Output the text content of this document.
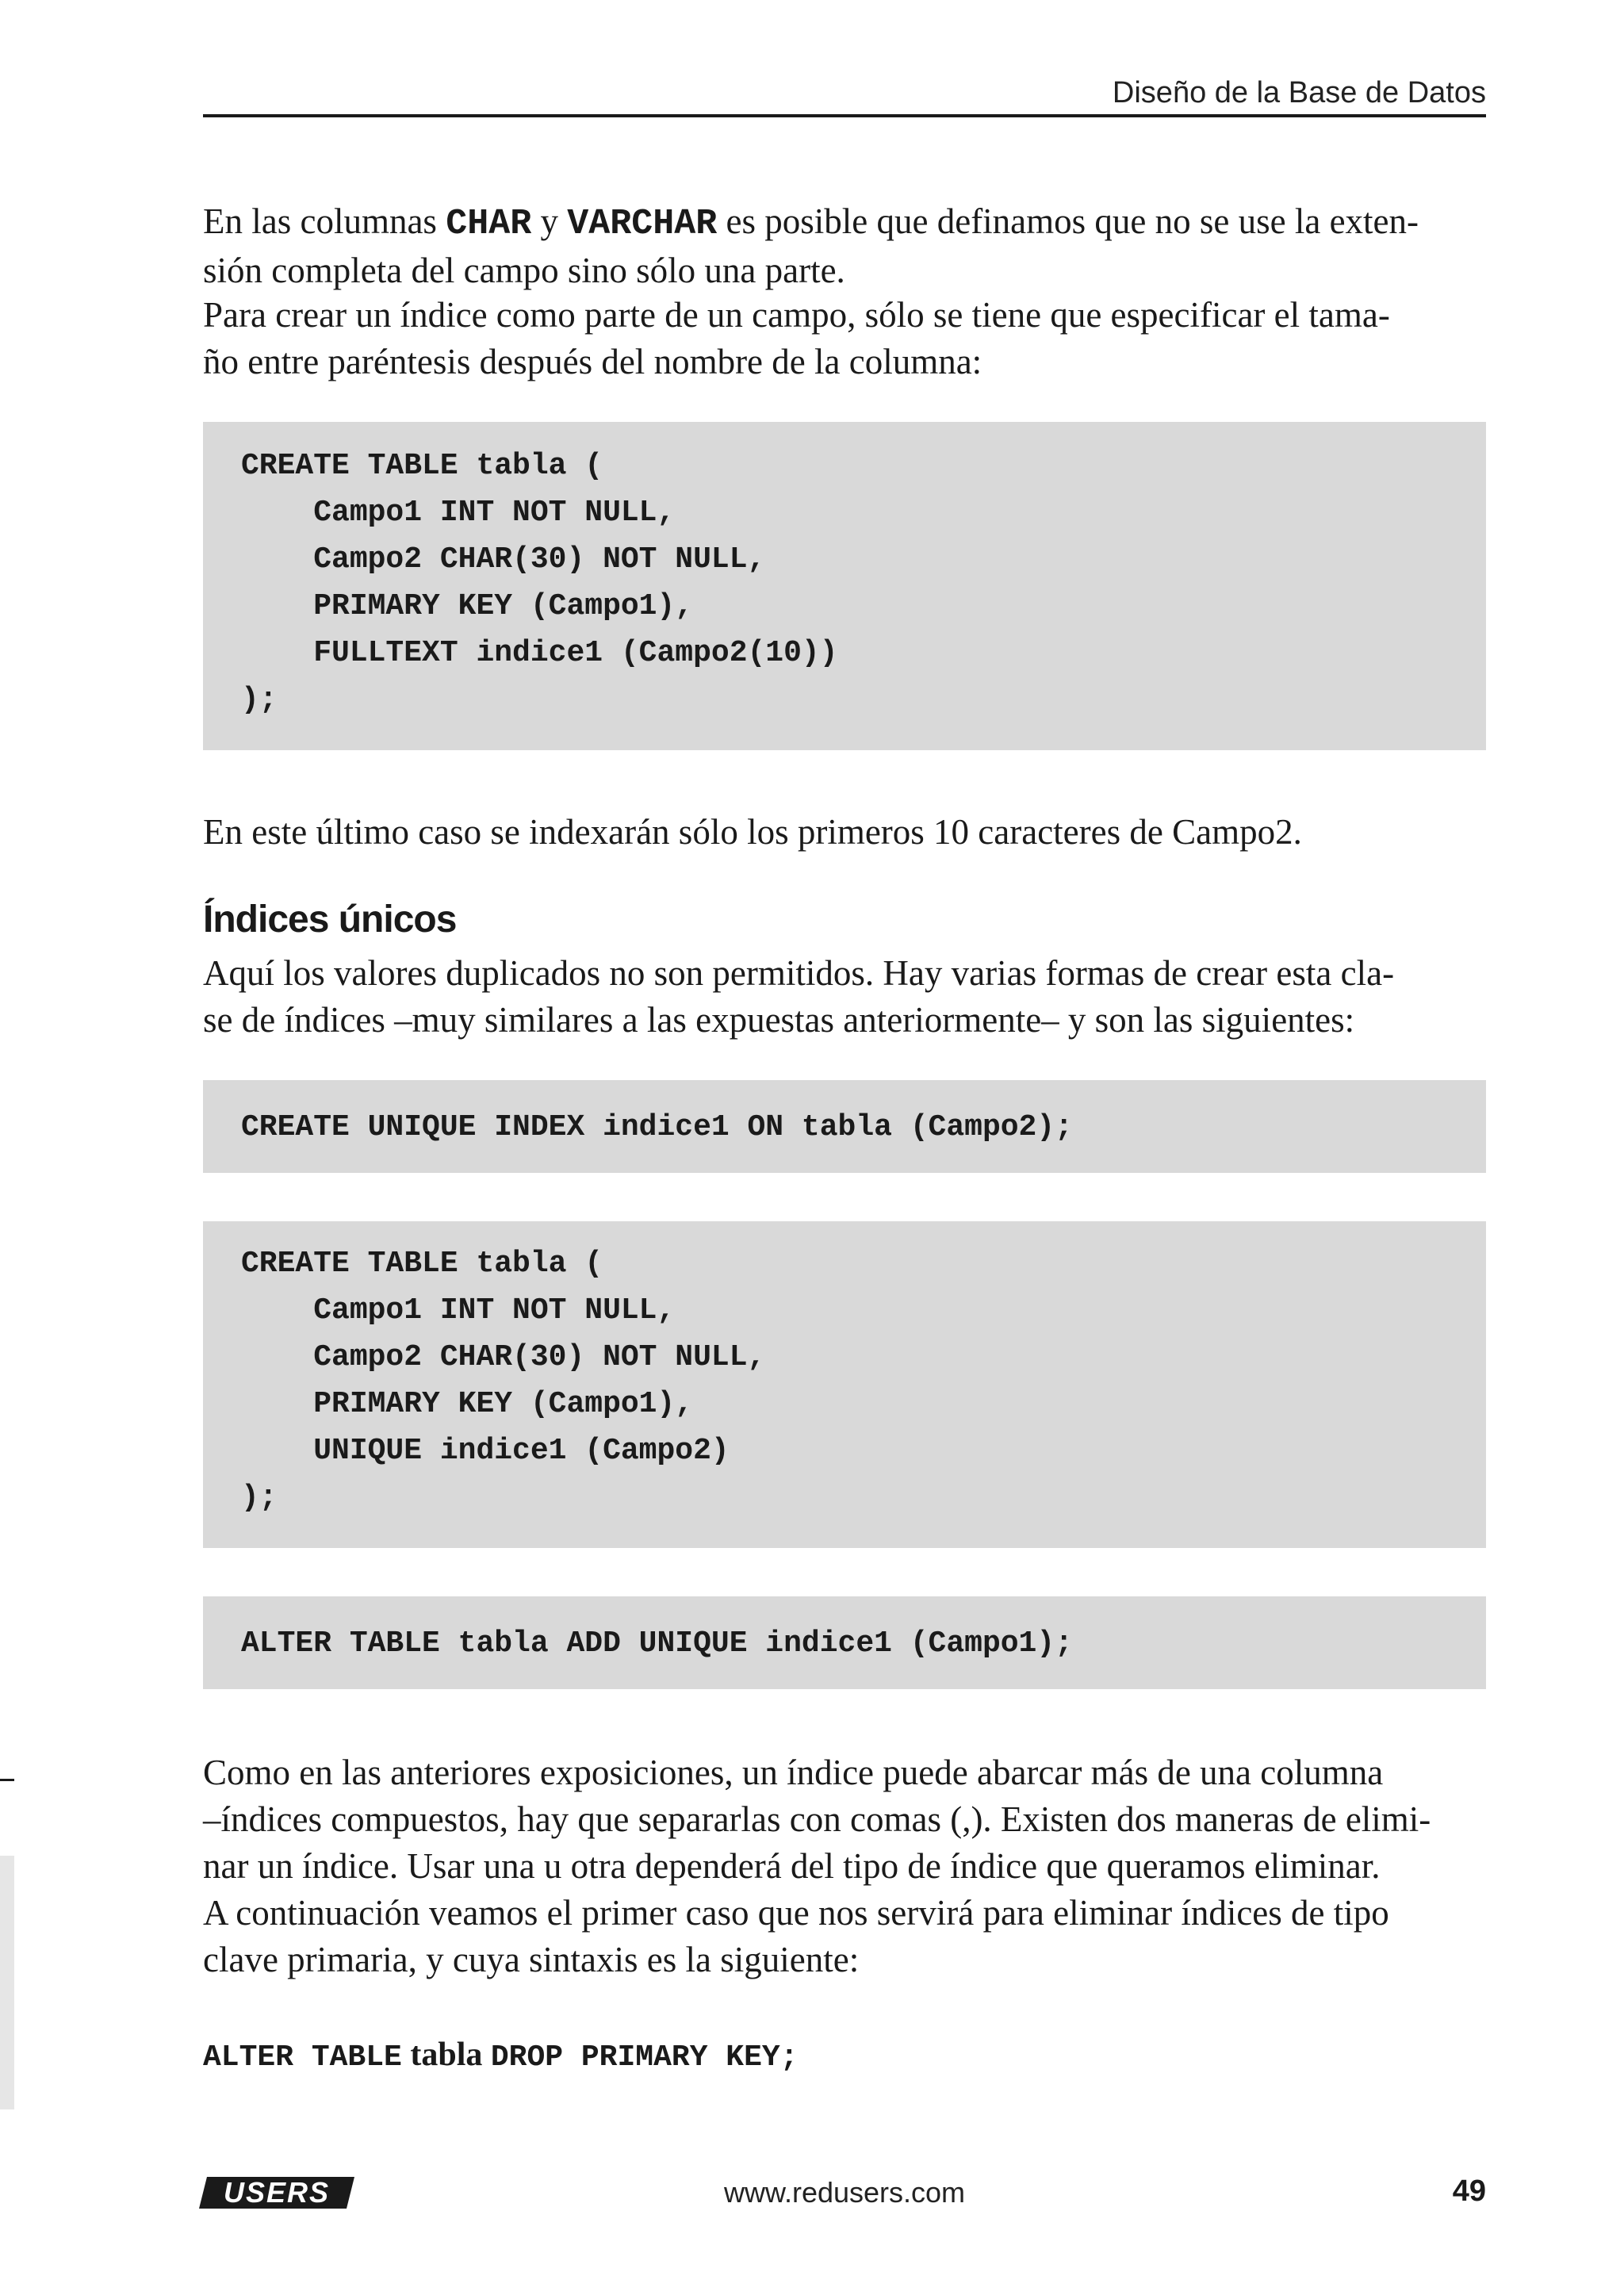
Diseño de la Base de Datos

En las columnas CHAR y VARCHAR es posible que definamos que no se use la exten-
sión completa del campo sino sólo una parte.

Para crear un índice como parte de un campo, sólo se tiene que especificar el tama-
ño entre paréntesis después del nombre de la columna:

CREATE TABLE tabla (
Campo1 INT NOT NULL,
Campo2 CHAR(30) NOT NULL,
PRIMARY KEY (Campo1),
FULLTEXT indice1 (Campo2(10))
);

En este último caso se indexarán sólo los primeros 10 caracteres de Campo2.

Índices únicos

Aquí los valores duplicados no son permitidos. Hay varias formas de crear esta cla-
se de índices –muy similares a las expuestas anteriormente– y son las siguientes:

CREATE UNIQUE INDEX indice1 ON tabla (Campo2);
CREATE TABLE tabla (
Campo1 INT NOT NULL,
Campo2 CHAR(30) NOT NULL,
PRIMARY KEY (Campo1),
UNIQUE indice1 (Campo2)
);
ALTER TABLE tabla ADD UNIQUE indice1 (Campo1);

Como en las anteriores exposiciones, un índice puede abarcar más de una columna
–índices compuestos, hay que separarlas con comas (,). Existen dos maneras de elimi-
nar un índice. Usar una u otra dependerá del tipo de índice que queramos eliminar.
A continuación veamos el primer caso que nos servirá para eliminar índices de tipo
clave primaria, y cuya sintaxis es la siguiente:

ALTER TABLE tabla DROP PRIMARY KEY;

USERS	www.redusers.com	49
